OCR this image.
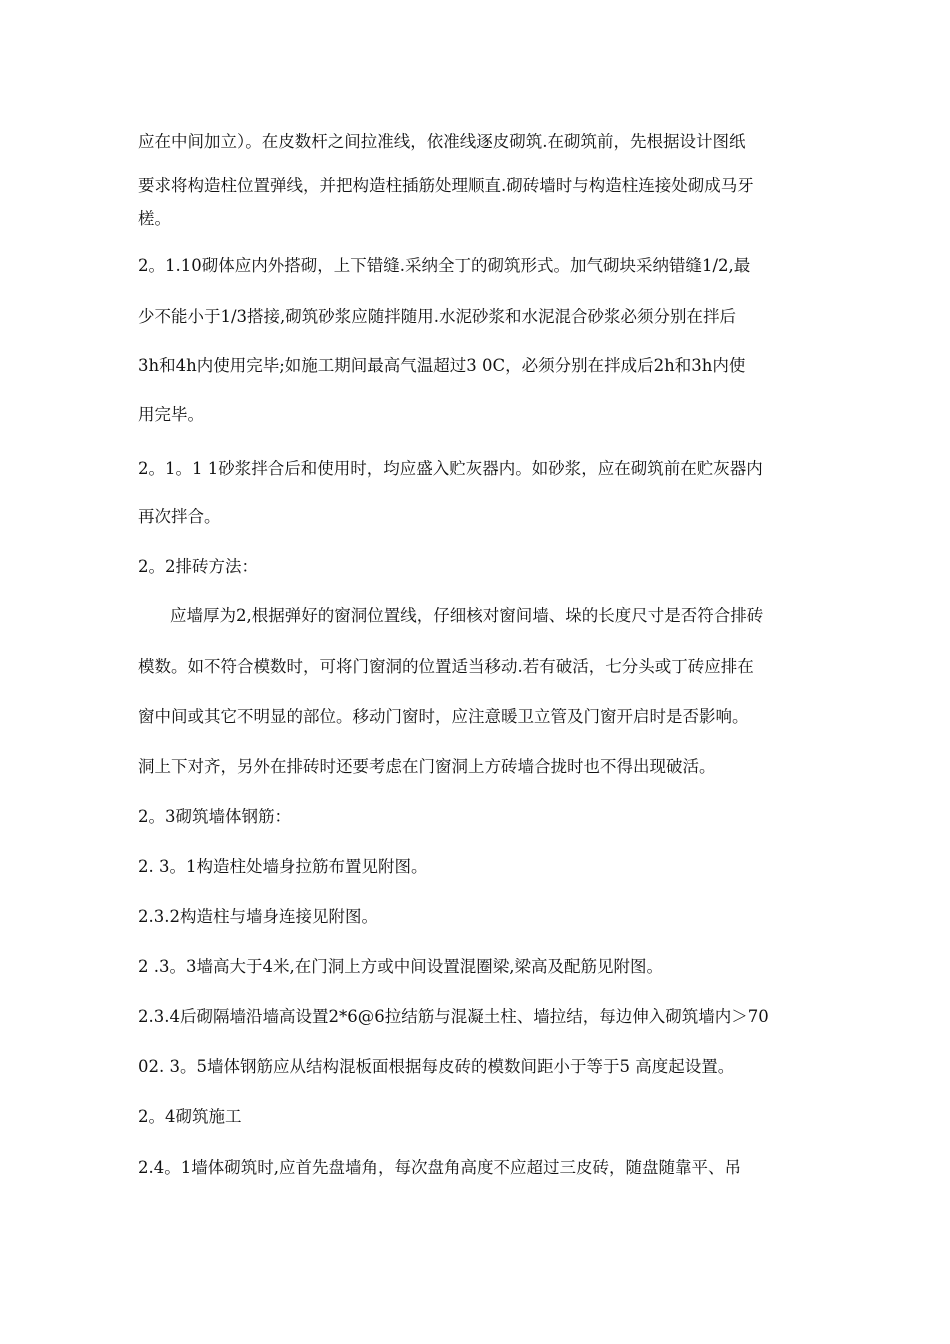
应在中间加立）。在皮数杆之间拉准线，依准线逐皮砌筑.在砌筑前，先根据设计图纸
要求将构造柱位置弹线，并把构造柱插筋处理顺直.砌砖墙时与构造柱连接处砌成马牙
槎。
2。1.10砌体应内外搭砌，上下错缝.采纳全丁的砌筑形式。加气砌块采纳错缝1/2,最
少不能小于1/3搭接,砌筑砂浆应随拌随用.水泥砂浆和水泥混合砂浆必须分别在拌后
3h和4h内使用完毕;如施工期间最高气温超过3 0C，必须分别在拌成后2h和3h内使
用完毕。
2。1。1 1砂浆拌合后和使用时，均应盛入贮灰器内。如砂浆，应在砌筑前在贮灰器内
再次拌合。
2。2排砖方法：
应墙厚为2,根据弹好的窗洞位置线，仔细核对窗间墙、垛的长度尺寸是否符合排砖
模数。如不符合模数时，可将门窗洞的位置适当移动.若有破活，七分头或丁砖应排在
窗中间或其它不明显的部位。移动门窗时，应注意暖卫立管及门窗开启时是否影响。
洞上下对齐，另外在排砖时还要考虑在门窗洞上方砖墙合拢时也不得出现破活。
2。3砌筑墙体钢筋：
2. 3。1构造柱处墙身拉筋布置见附图。
2.3.2构造柱与墙身连接见附图。
2 .3。3墙高大于4米,在门洞上方或中间设置混圈梁,梁高及配筋见附图。
2.3.4后砌隔墙沿墙高设置2*6@6拉结筋与混凝土柱、墙拉结，每边伸入砌筑墙内＞70
02. 3。5墙体钢筋应从结构混板面根据每皮砖的模数间距小于等于5 高度起设置。
2。4砌筑施工
2.4。1墙体砌筑时,应首先盘墙角，每次盘角高度不应超过三皮砖，随盘随靠平、吊
